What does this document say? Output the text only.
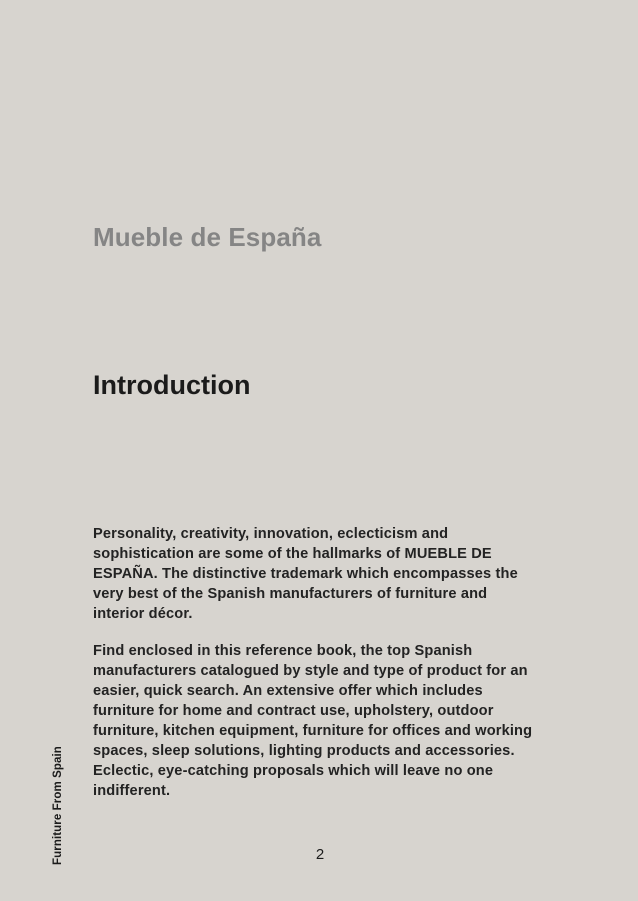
Mueble de España
Introduction

Personality, creativity, innovation, eclecticism and sophistication are some of the hallmarks of MUEBLE DE ESPAÑA. The distinctive trademark which encompasses the very best of the Spanish manufacturers of furniture and interior décor.

Find enclosed in this reference book, the top Spanish manufacturers catalogued by style and type of product for an easier, quick search. An extensive offer which includes furniture for home and contract use, upholstery, outdoor furniture, kitchen equipment, furniture for offices and working spaces, sleep solutions, lighting products and accessories. Eclectic, eye-catching proposals which will leave no one indifferent.

Furniture From Spain	2
